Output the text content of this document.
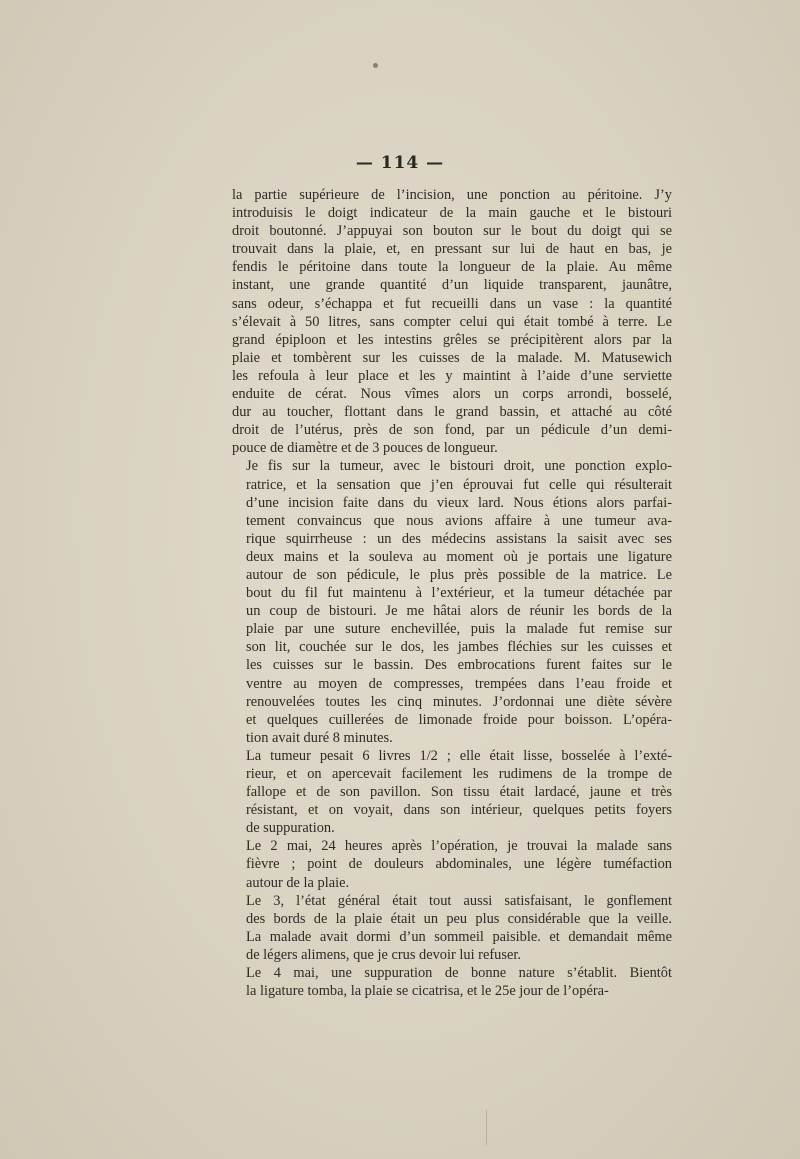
— 114 —

la partie supérieure de l’incision, une ponction au péritoine. J’y
introduisis le doigt indicateur de la main gauche et le bistouri
droit boutonné. J’appuyai son bouton sur le bout du doigt qui se
trouvait dans la plaie, et, en pressant sur lui de haut en bas, je
fendis le péritoine dans toute la longueur de la plaie. Au même
instant, une grande quantité d’un liquide transparent, jaunâtre,
sans odeur, s’échappa et fut recueilli dans un vase : la quantité
s’élevait à 50 litres, sans compter celui qui était tombé à terre. Le
grand épiploon et les intestins grêles se précipitèrent alors par la
plaie et tombèrent sur les cuisses de la malade. M. Matusewich
les refoula à leur place et les y maintint à l’aide d’une serviette
enduite de cérat. Nous vîmes alors un corps arrondi, bosselé,
dur au toucher, flottant dans le grand bassin, et attaché au côté
droit de l’utérus, près de son fond, par un pédicule d’un demi-
pouce de diamètre et de 3 pouces de longueur.

Je fis sur la tumeur, avec le bistouri droit, une ponction explo-
ratrice, et la sensation que j’en éprouvai fut celle qui résulterait
d’une incision faite dans du vieux lard. Nous étions alors parfai-
tement convaincus que nous avions affaire à une tumeur ava-
rique squirrheuse : un des médecins assistans la saisit avec ses
deux mains et la souleva au moment où je portais une ligature
autour de son pédicule, le plus près possible de la matrice. Le
bout du fil fut maintenu à l’extérieur, et la tumeur détachée par
un coup de bistouri. Je me hâtai alors de réunir les bords de la
plaie par une suture enchevillée, puis la malade fut remise sur
son lit, couchée sur le dos, les jambes fléchies sur les cuisses et
les cuisses sur le bassin. Des embrocations furent faites sur le
ventre au moyen de compresses, trempées dans l’eau froide et
renouvelées toutes les cinq minutes. J’ordonnai une diète sévère
et quelques cuillerées de limonade froide pour boisson. L’opéra-
tion avait duré 8 minutes.

La tumeur pesait 6 livres 1/2 ; elle était lisse, bosselée à l’exté-
rieur, et on apercevait facilement les rudimens de la trompe de
fallope et de son pavillon. Son tissu était lardacé, jaune et très
résistant, et on voyait, dans son intérieur, quelques petits foyers
de suppuration.

Le 2 mai, 24 heures après l’opération, je trouvai la malade sans
fièvre ; point de douleurs abdominales, une légère tuméfaction
autour de la plaie.

Le 3, l’état général était tout aussi satisfaisant, le gonflement
des bords de la plaie était un peu plus considérable que la veille.
La malade avait dormi d’un sommeil paisible. et demandait même
de légers alimens, que je crus devoir lui refuser.

Le 4 mai, une suppuration de bonne nature s’établit. Bientôt
la ligature tomba, la plaie se cicatrisa, et le 25e jour de l’opéra-
